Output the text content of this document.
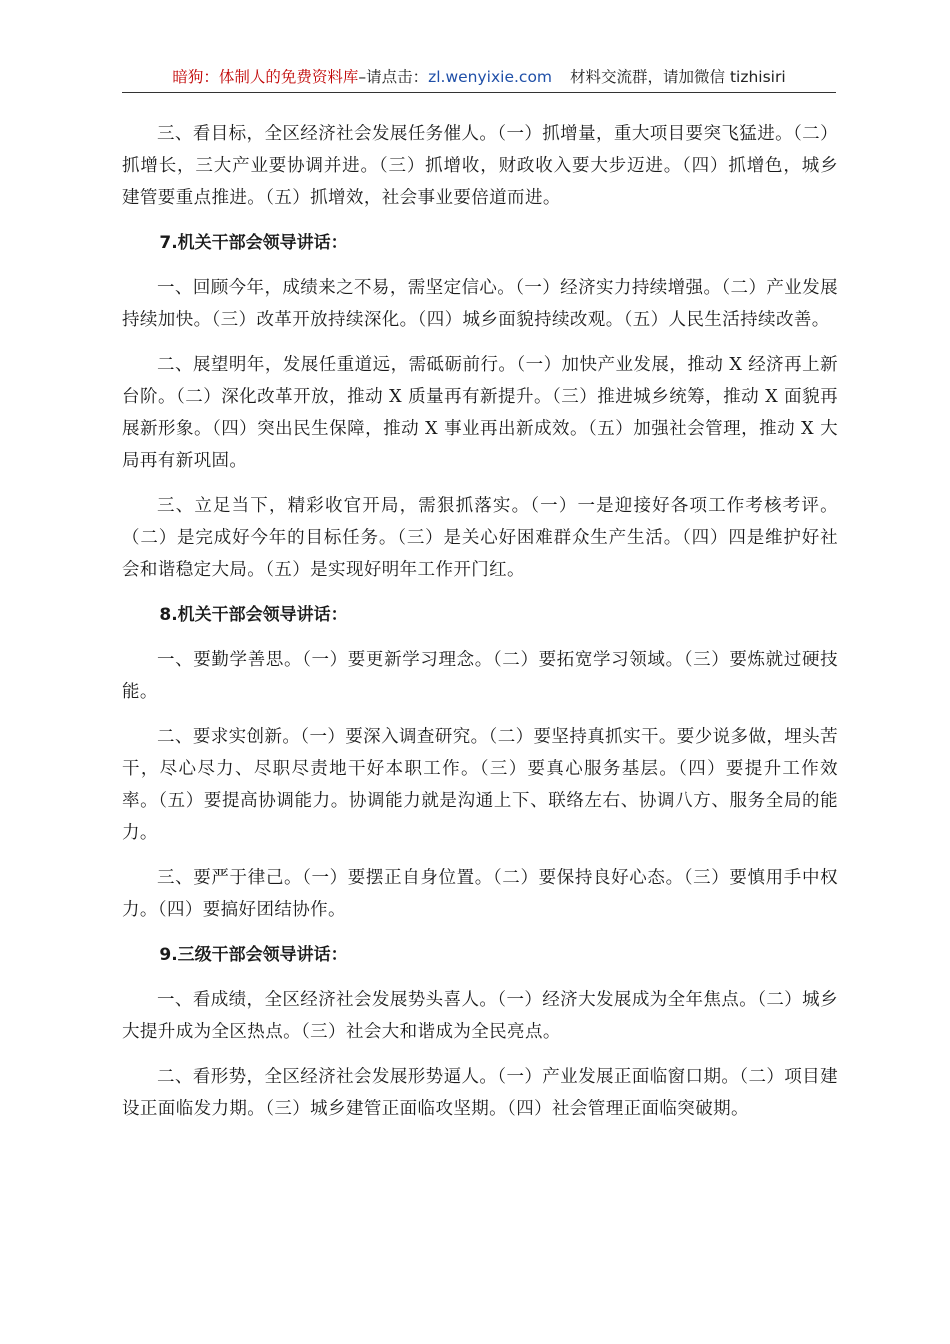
暗狗：体制人的免费资料库–请点击：zl.wenyixie.com 材料交流群，请加微信 tizhisiri

三、看目标，全区经济社会发展任务催人。（一）抓增量，重大项目要突飞猛进。（二）抓增长，三大产业要协调并进。（三）抓增收，财政收入要大步迈进。（四）抓增色，城乡建管要重点推进。（五）抓增效，社会事业要倍道而进。

7.机关干部会领导讲话：

一、回顾今年，成绩来之不易，需坚定信心。（一）经济实力持续增强。（二）产业发展持续加快。（三）改革开放持续深化。（四）城乡面貌持续改观。（五）人民生活持续改善。

二、展望明年，发展任重道远，需砥砺前行。（一）加快产业发展，推动 X 经济再上新台阶。（二）深化改革开放，推动 X 质量再有新提升。（三）推进城乡统筹，推动 X 面貌再展新形象。（四）突出民生保障，推动 X 事业再出新成效。（五）加强社会管理，推动 X 大局再有新巩固。

三、立足当下，精彩收官开局，需狠抓落实。（一）一是迎接好各项工作考核考评。（二）是完成好今年的目标任务。（三）是关心好困难群众生产生活。（四）四是维护好社会和谐稳定大局。（五）是实现好明年工作开门红。

8.机关干部会领导讲话：

一、要勤学善思。（一）要更新学习理念。（二）要拓宽学习领域。（三）要炼就过硬技能。

二、要求实创新。（一）要深入调查研究。（二）要坚持真抓实干。要少说多做，埋头苦干，尽心尽力、尽职尽责地干好本职工作。（三）要真心服务基层。（四）要提升工作效率。（五）要提高协调能力。协调能力就是沟通上下、联络左右、协调八方、服务全局的能力。

三、要严于律己。（一）要摆正自身位置。（二）要保持良好心态。（三）要慎用手中权力。（四）要搞好团结协作。

9.三级干部会领导讲话：

一、看成绩，全区经济社会发展势头喜人。（一）经济大发展成为全年焦点。（二）城乡大提升成为全区热点。（三）社会大和谐成为全民亮点。

二、看形势，全区经济社会发展形势逼人。（一）产业发展正面临窗口期。（二）项目建设正面临发力期。（三）城乡建管正面临攻坚期。（四）社会管理正面临突破期。
